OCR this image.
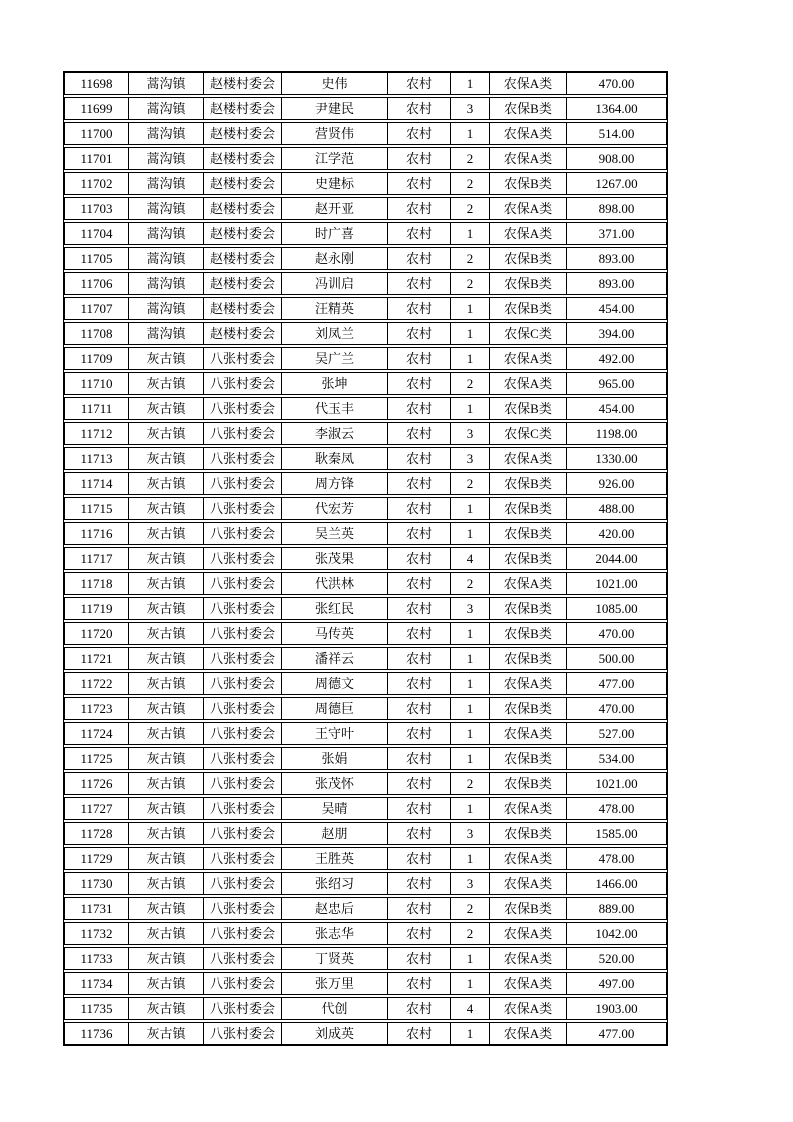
11698	蒿沟镇	赵楼村委会	史伟	农村	1	农保A类	470.00
11699	蒿沟镇	赵楼村委会	尹建民	农村	3	农保B类	1364.00
11700	蒿沟镇	赵楼村委会	营贤伟	农村	1	农保A类	514.00
11701	蒿沟镇	赵楼村委会	江学范	农村	2	农保A类	908.00
11702	蒿沟镇	赵楼村委会	史建标	农村	2	农保B类	1267.00
11703	蒿沟镇	赵楼村委会	赵开亚	农村	2	农保A类	898.00
11704	蒿沟镇	赵楼村委会	时广喜	农村	1	农保A类	371.00
11705	蒿沟镇	赵楼村委会	赵永刚	农村	2	农保B类	893.00
11706	蒿沟镇	赵楼村委会	冯训启	农村	2	农保B类	893.00
11707	蒿沟镇	赵楼村委会	汪精英	农村	1	农保B类	454.00
11708	蒿沟镇	赵楼村委会	刘凤兰	农村	1	农保C类	394.00
11709	灰古镇	八张村委会	吴广兰	农村	1	农保A类	492.00
11710	灰古镇	八张村委会	张坤	农村	2	农保A类	965.00
11711	灰古镇	八张村委会	代玉丰	农村	1	农保B类	454.00
11712	灰古镇	八张村委会	李淑云	农村	3	农保C类	1198.00
11713	灰古镇	八张村委会	耿秦凤	农村	3	农保A类	1330.00
11714	灰古镇	八张村委会	周方锋	农村	2	农保B类	926.00
11715	灰古镇	八张村委会	代宏芳	农村	1	农保B类	488.00
11716	灰古镇	八张村委会	吴兰英	农村	1	农保B类	420.00
11717	灰古镇	八张村委会	张茂果	农村	4	农保B类	2044.00
11718	灰古镇	八张村委会	代洪林	农村	2	农保A类	1021.00
11719	灰古镇	八张村委会	张红民	农村	3	农保B类	1085.00
11720	灰古镇	八张村委会	马传英	农村	1	农保B类	470.00
11721	灰古镇	八张村委会	潘祥云	农村	1	农保B类	500.00
11722	灰古镇	八张村委会	周德文	农村	1	农保A类	477.00
11723	灰古镇	八张村委会	周德巨	农村	1	农保B类	470.00
11724	灰古镇	八张村委会	王守叶	农村	1	农保A类	527.00
11725	灰古镇	八张村委会	张娟	农村	1	农保B类	534.00
11726	灰古镇	八张村委会	张茂怀	农村	2	农保B类	1021.00
11727	灰古镇	八张村委会	吴晴	农村	1	农保A类	478.00
11728	灰古镇	八张村委会	赵朋	农村	3	农保B类	1585.00
11729	灰古镇	八张村委会	王胜英	农村	1	农保A类	478.00
11730	灰古镇	八张村委会	张绍习	农村	3	农保A类	1466.00
11731	灰古镇	八张村委会	赵忠后	农村	2	农保B类	889.00
11732	灰古镇	八张村委会	张志华	农村	2	农保A类	1042.00
11733	灰古镇	八张村委会	丁贤英	农村	1	农保A类	520.00
11734	灰古镇	八张村委会	张万里	农村	1	农保A类	497.00
11735	灰古镇	八张村委会	代创	农村	4	农保A类	1903.00
11736	灰古镇	八张村委会	刘成英	农村	1	农保A类	477.00
